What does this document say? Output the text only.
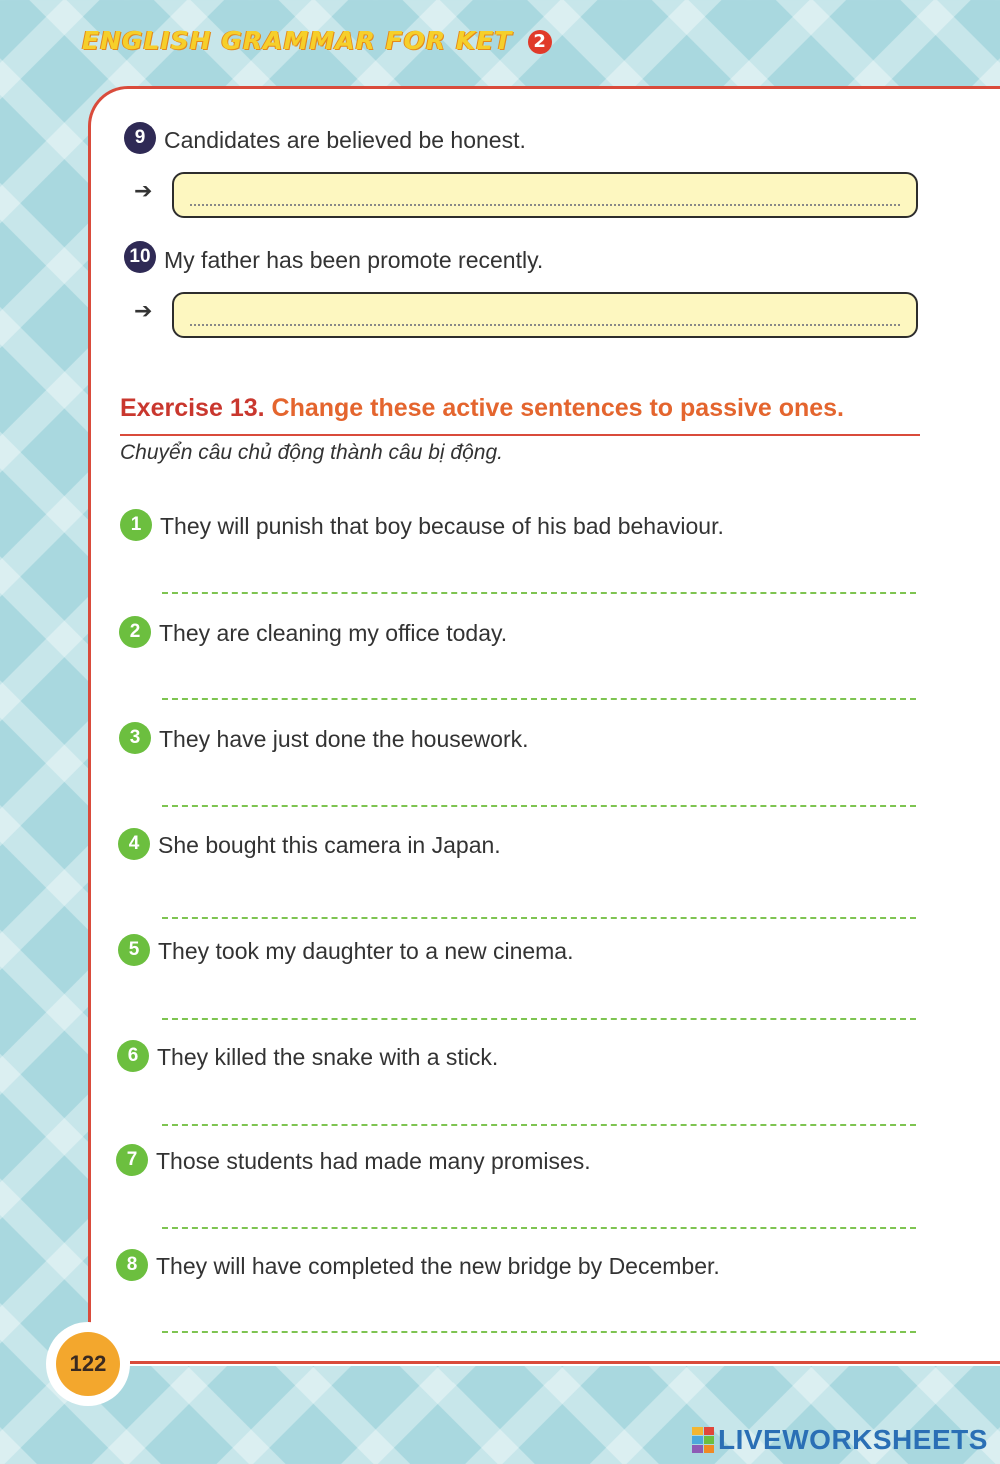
ENGLISH GRAMMAR FOR KET 2
9 Candidates are believed be honest.
➔
10 My father has been promote recently.
➔
Exercise 13. Change these active sentences to passive ones.
Chuyển câu chủ động thành câu bị động.
1 They will punish that boy because of his bad behaviour.
2 They are cleaning my office today.
3 They have just done the housework.
4 She bought this camera in Japan.
5 They took my daughter to a new cinema.
6 They killed the snake with a stick.
7 Those students had made many promises.
8 They will have completed the new bridge by December.
122
LIVEWORKSHEETS
